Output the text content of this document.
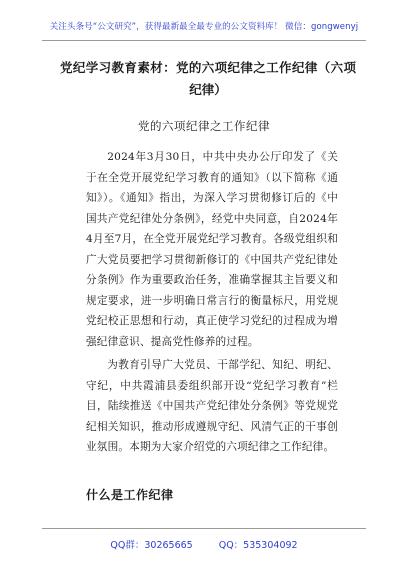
关注头条号“公文研究”，获得最新最全最专业的公文资料库！ 微信：gongwenyj
党纪学习教育素材：党的六项纪律之工作纪律（六项纪律）
党的六项纪律之工作纪律
2024年3月30日，中共中央办公厅印发了《关于在全党开展党纪学习教育的通知》（以下简称《通知》）。《通知》指出，为深入学习贯彻修订后的《中国共产党纪律处分条例》，经党中央同意，自2024年4月至7月，在全党开展党纪学习教育。各级党组织和广大党员要把学习贯彻新修订的《中国共产党纪律处分条例》作为重要政治任务，准确掌握其主旨要义和规定要求，进一步明确日常言行的衡量标尺，用党规党纪校正思想和行动，真正使学习党纪的过程成为增强纪律意识、提高党性修养的过程。
为教育引导广大党员、干部学纪、知纪、明纪、守纪，中共霞浦县委组织部开设“党纪学习教育”栏目，陆续推送《中国共产党纪律处分条例》等党规党纪相关知识，推动形成遵规守纪、风清气正的干事创业氛围。本期为大家介绍党的六项纪律之工作纪律。
什么是工作纪律
QQ群：30265665	QQ：535304092
